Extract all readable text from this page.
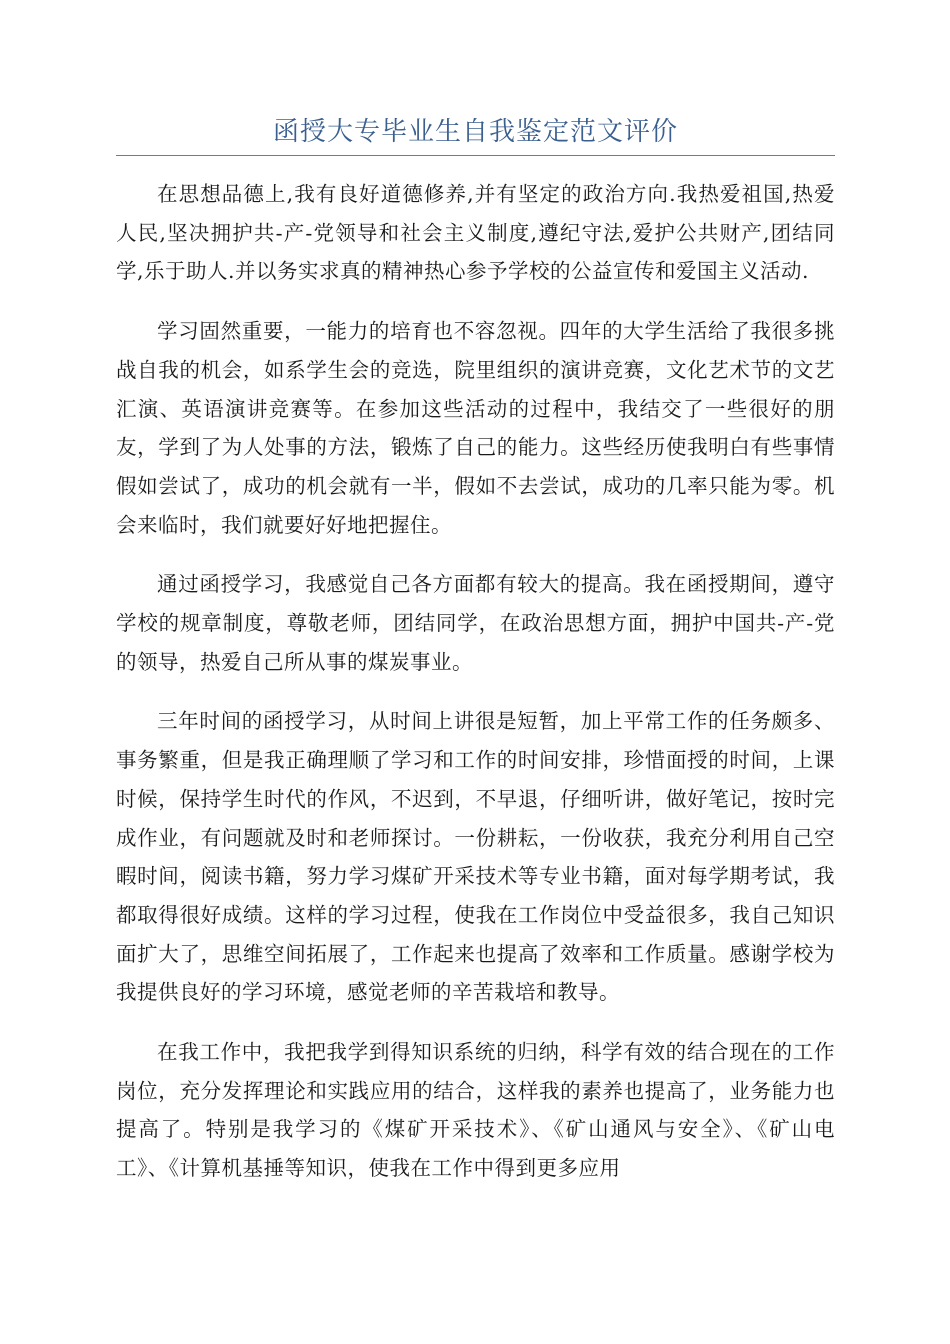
函授大专毕业生自我鉴定范文评价

在思想品德上,我有良好道德修养,并有坚定的政治方向.我热爱祖国,热爱人民,坚决拥护共-产-党领导和社会主义制度,遵纪守法,爱护公共财产,团结同学,乐于助人.并以务实求真的精神热心参予学校的公益宣传和爱国主义活动.

学习固然重要，一能力的培育也不容忽视。四年的大学生活给了我很多挑战自我的机会，如系学生会的竞选，院里组织的演讲竞赛，文化艺术节的文艺汇演、英语演讲竞赛等。在参加这些活动的过程中，我结交了一些很好的朋友，学到了为人处事的方法，锻炼了自己的能力。这些经历使我明白有些事情假如尝试了，成功的机会就有一半，假如不去尝试，成功的几率只能为零。机会来临时，我们就要好好地把握住。

通过函授学习，我感觉自己各方面都有较大的提高。我在函授期间，遵守学校的规章制度，尊敬老师，团结同学，在政治思想方面，拥护中国共-产-党的领导，热爱自己所从事的煤炭事业。

三年时间的函授学习，从时间上讲很是短暂，加上平常工作的任务颇多、事务繁重，但是我正确理顺了学习和工作的时间安排，珍惜面授的时间，上课时候，保持学生时代的作风，不迟到，不早退，仔细听讲，做好笔记，按时完成作业，有问题就及时和老师探讨。一份耕耘，一份收获，我充分利用自己空暇时间，阅读书籍，努力学习煤矿开采技术等专业书籍，面对每学期考试，我都取得很好成绩。这样的学习过程，使我在工作岗位中受益很多，我自己知识面扩大了，思维空间拓展了，工作起来也提高了效率和工作质量。感谢学校为我提供良好的学习环境，感觉老师的辛苦栽培和教导。

在我工作中，我把我学到得知识系统的归纳，科学有效的结合现在的工作岗位，充分发挥理论和实践应用的结合，这样我的素养也提高了，业务能力也提高了。特别是我学习的《煤矿开采技术》、《矿山通风与安全》、《矿山电工》、《计算机基捶等知识，使我在工作中得到更多应用
